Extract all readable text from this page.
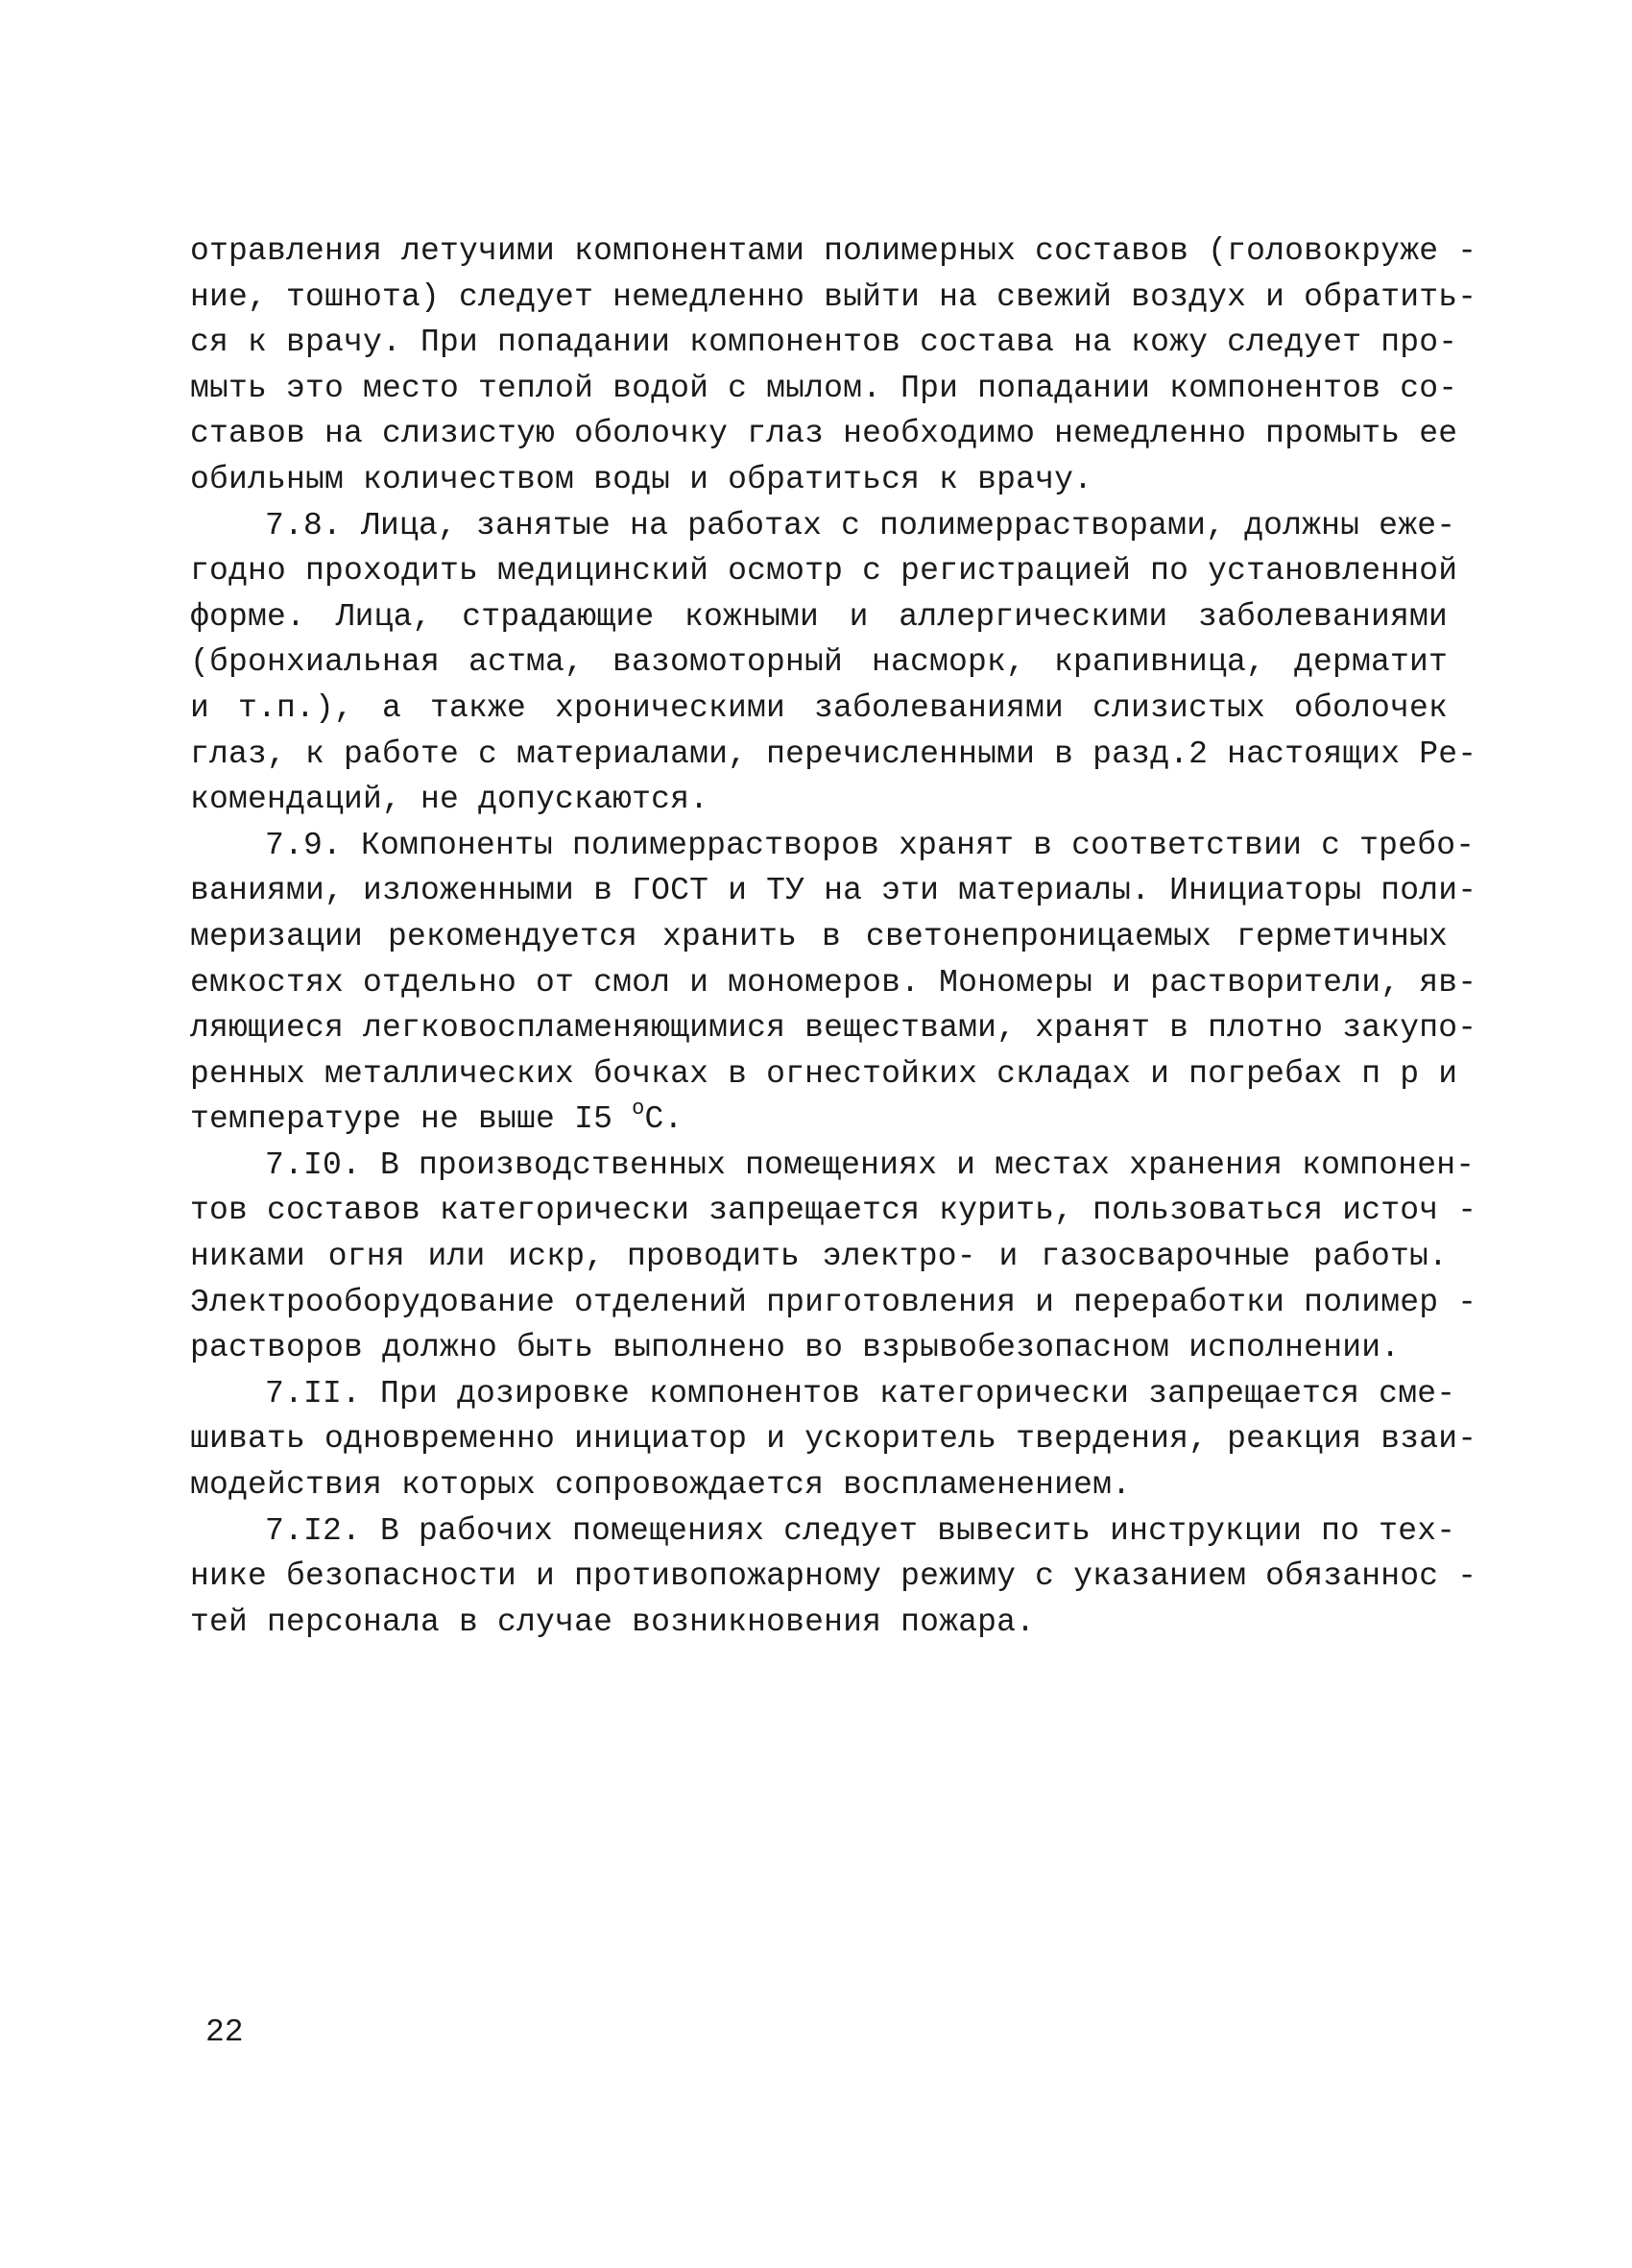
отравления летучими компонентами полимерных составов (головокруже -
ние, тошнота) следует немедленно выйти на свежий воздух и обратить-
ся к врачу. При попадании компонентов состава на кожу следует про-
мыть это место теплой водой с мылом. При попадании компонентов со-
ставов на слизистую оболочку глаз необходимо немедленно промыть ее
обильным количеством воды и обратиться к врачу.
7.8. Лица, занятые на работах с полимеррастворами, должны еже-
годно проходить медицинский осмотр с регистрацией по установленной
форме. Лица, страдающие кожными и аллергическими заболеваниями
(бронхиальная астма, вазомоторный насморк, крапивница, дерматит
и т.п.), а также хроническими заболеваниями слизистых оболочек
глаз, к работе с материалами, перечисленными в разд.2 настоящих Ре-
комендаций, не допускаются.
7.9. Компоненты полимеррастворов хранят в соответствии с требо-
ваниями, изложенными в ГОСТ и ТУ на эти материалы. Инициаторы поли-
меризации рекомендуется хранить в светонепроницаемых герметичных
емкостях отдельно от смол и мономеров. Мономеры и растворители, яв-
ляющиеся легковоспламеняющимися веществами, хранят в плотно закупо-
ренных металлических бочках в огнестойких складах и погребах п р и
температуре не выше I5 $^o$C.
7.I0. В производственных помещениях и местах хранения компонен-
тов составов категорически запрещается курить, пользоваться источ -
никами огня или искр, проводить электро- и газосварочные работы.
Электрооборудование отделений приготовления и переработки полимер -
растворов должно быть выполнено во взрывобезопасном исполнении.
7.II. При дозировке компонентов категорически запрещается сме-
шивать одновременно инициатор и ускоритель твердения, реакция взаи-
модействия которых сопровождается воспламенением.
7.I2. В рабочих помещениях следует вывесить инструкции по тех-
нике безопасности и противопожарному режиму с указанием обязаннос -
тей персонала в случае возникновения пожара.
22
